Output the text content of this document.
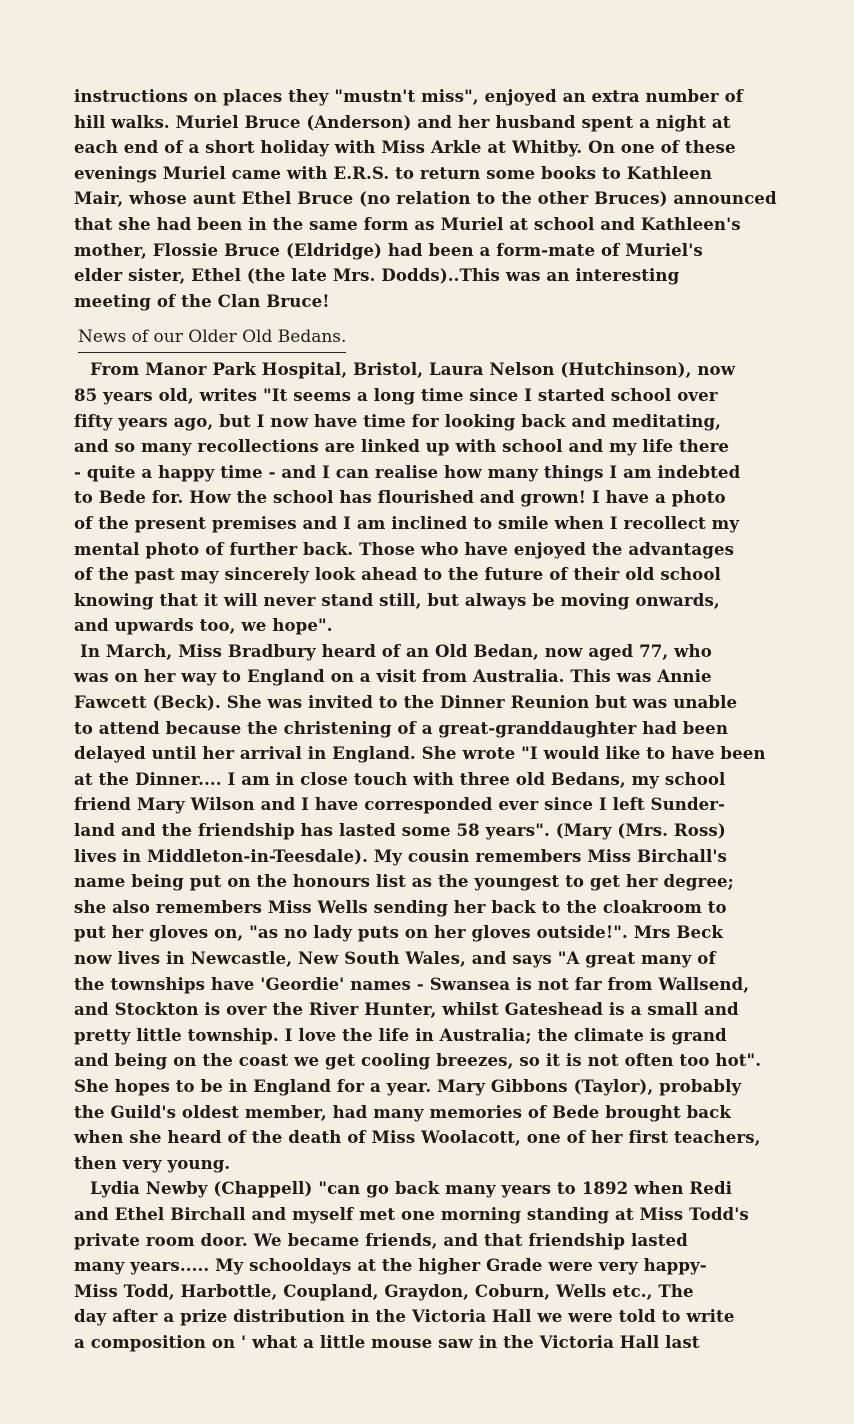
instructions on places they "mustn't miss", enjoyed an extra number of
hill walks. Muriel Bruce (Anderson) and her husband spent a night at
each end of a short holiday with Miss Arkle at Whitby. On one of these
evenings Muriel came with E.R.S. to return some books to Kathleen
Mair, whose aunt Ethel Bruce (no relation to the other Bruces) announced
that she had been in the same form as Muriel at school and Kathleen's
mother, Flossie Bruce (Eldridge) had been a form-mate of Muriel's
elder sister, Ethel (the late Mrs. Dodds)..This was an interesting
meeting of the Clan Bruce!
News of our Older Old Bedans.
From Manor Park Hospital, Bristol, Laura Nelson (Hutchinson), now
85 years old, writes "It seems a long time since I started school over
fifty years ago, but I now have time for looking back and meditating,
and so many recollections are linked up with school and my life there
- quite a happy time - and I can realise how many things I am indebted
to Bede for. How the school has flourished and grown! I have a photo
of the present premises and I am inclined to smile when I recollect my
mental photo of further back. Those who have enjoyed the advantages
of the past may sincerely look ahead to the future of their old school
knowing that it will never stand still, but always be moving onwards,
and upwards too, we hope".
In March, Miss Bradbury heard of an Old Bedan, now aged 77, who
was on her way to England on a visit from Australia. This was Annie
Fawcett (Beck). She was invited to the Dinner Reunion but was unable
to attend because the christening of a great-granddaughter had been
delayed until her arrival in England. She wrote "I would like to have been
at the Dinner.... I am in close touch with three old Bedans, my school
friend Mary Wilson and I have corresponded ever since I left Sunder-
land and the friendship has lasted some 58 years". (Mary (Mrs. Ross)
lives in Middleton-in-Teesdale). My cousin remembers Miss Birchall's
name being put on the honours list as the youngest to get her degree;
she also remembers Miss Wells sending her back to the cloakroom to
put her gloves on, "as no lady puts on her gloves outside!". Mrs Beck
now lives in Newcastle, New South Wales, and says "A great many of
the townships have 'Geordie' names - Swansea is not far from Wallsend,
and Stockton is over the River Hunter, whilst Gateshead is a small and
pretty little township. I love the life in Australia; the climate is grand
and being on the coast we get cooling breezes, so it is not often too hot".
She hopes to be in England for a year. Mary Gibbons (Taylor), probably
the Guild's oldest member, had many memories of Bede brought back
when she heard of the death of Miss Woolacott, one of her first teachers,
then very young.
Lydia Newby (Chappell) "can go back many years to 1892 when Redi
and Ethel Birchall and myself met one morning standing at Miss Todd's
private room door. We became friends, and that friendship lasted
many years..... My schooldays at the higher Grade were very happy-
Miss Todd, Harbottle, Coupland, Graydon, Coburn, Wells etc., The
day after a prize distribution in the Victoria Hall we were told to write
a composition on ' what a little mouse saw in the Victoria Hall last
